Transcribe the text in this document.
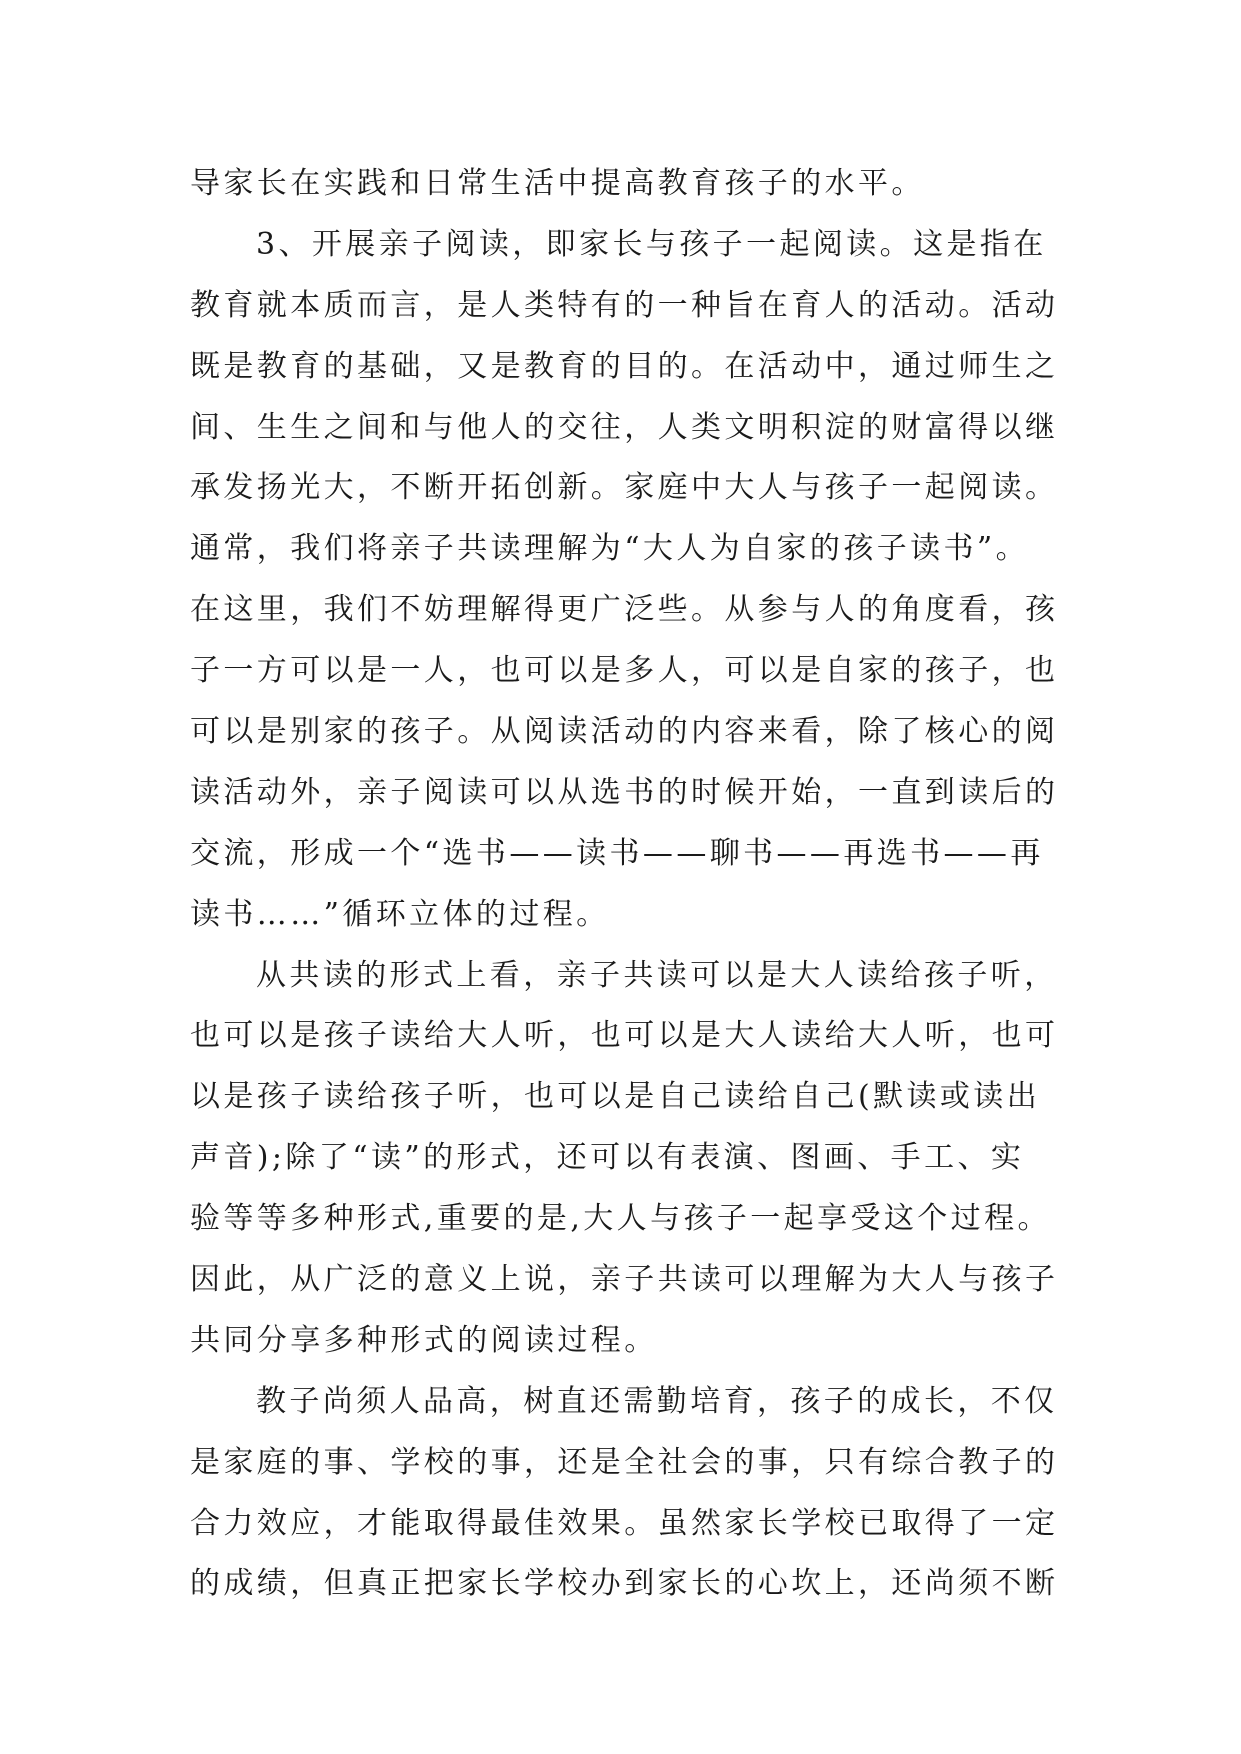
导家长在实践和日常生活中提高教育孩子的水平。
3、开展亲子阅读，即家长与孩子一起阅读。这是指在
教育就本质而言，是人类特有的一种旨在育人的活动。活动
既是教育的基础，又是教育的目的。在活动中，通过师生之
间、生生之间和与他人的交往，人类文明积淀的财富得以继
承发扬光大，不断开拓创新。家庭中大人与孩子一起阅读。
通常，我们将亲子共读理解为“大人为自家的孩子读书”。
在这里，我们不妨理解得更广泛些。从参与人的角度看，孩
子一方可以是一人，也可以是多人，可以是自家的孩子，也
可以是别家的孩子。从阅读活动的内容来看，除了核心的阅
读活动外，亲子阅读可以从选书的时候开始，一直到读后的
交流，形成一个“选书——读书——聊书——再选书——再
读书……”循环立体的过程。
从共读的形式上看，亲子共读可以是大人读给孩子听，
也可以是孩子读给大人听，也可以是大人读给大人听，也可
以是孩子读给孩子听，也可以是自己读给自己(默读或读出
声音);除了“读”的形式，还可以有表演、图画、手工、实
验等等多种形式,重要的是,大人与孩子一起享受这个过程。
因此，从广泛的意义上说，亲子共读可以理解为大人与孩子
共同分享多种形式的阅读过程。
教子尚须人品高，树直还需勤培育，孩子的成长，不仅
是家庭的事、学校的事，还是全社会的事，只有综合教子的
合力效应，才能取得最佳效果。虽然家长学校已取得了一定
的成绩，但真正把家长学校办到家长的心坎上，还尚须不断
